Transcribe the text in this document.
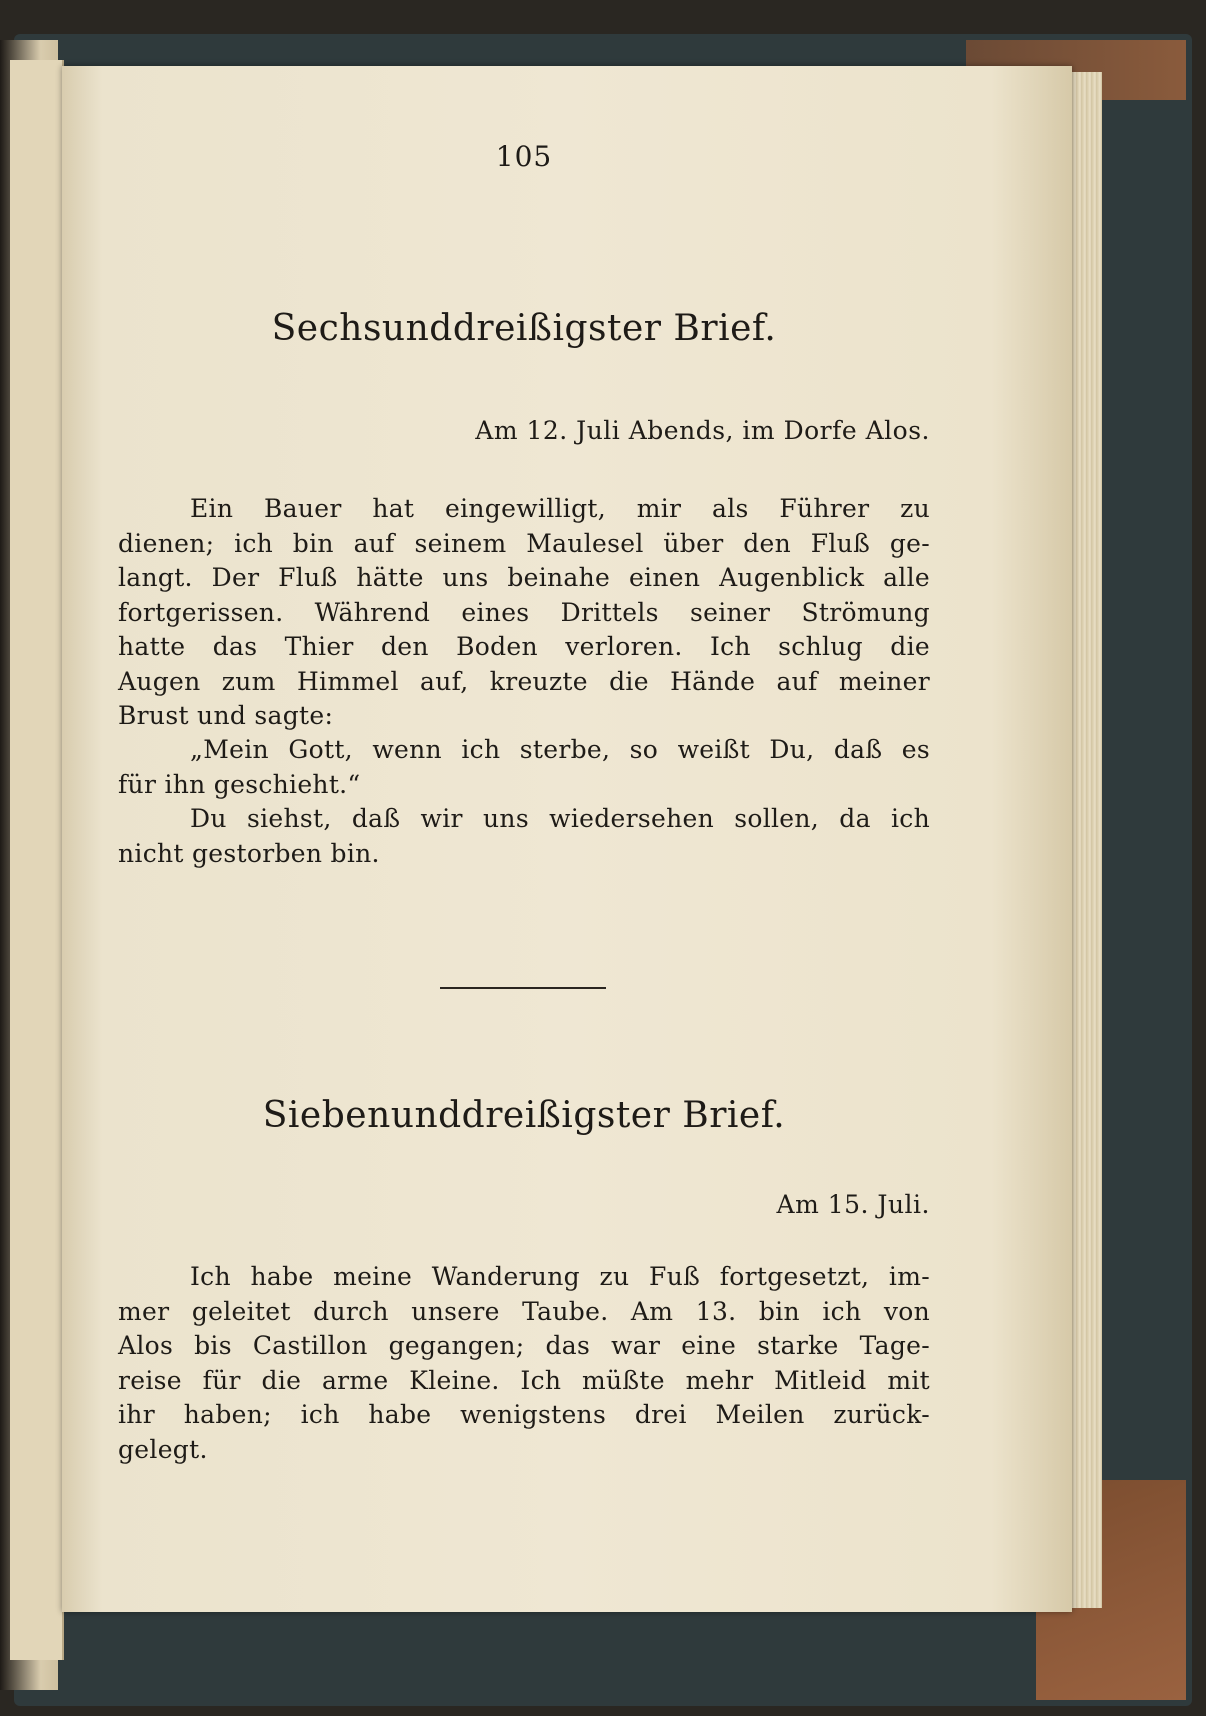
105
Sechsunddreißigster Brief.
Am 12. Juli Abends, im Dorfe Alos.
Ein Bauer hat eingewilligt, mir als Führer zu
dienen; ich bin auf seinem Maulesel über den Fluß ge-
langt. Der Fluß hätte uns beinahe einen Augenblick alle
fortgerissen. Während eines Drittels seiner Strömung
hatte das Thier den Boden verloren. Ich schlug die
Augen zum Himmel auf, kreuzte die Hände auf meiner
Brust und sagte:
„Mein Gott, wenn ich sterbe, so weißt Du, daß es
für ihn geschieht.“
Du siehst, daß wir uns wiedersehen sollen, da ich
nicht gestorben bin.
Siebenunddreißigster Brief.
Am 15. Juli.
Ich habe meine Wanderung zu Fuß fortgesetzt, im-
mer geleitet durch unsere Taube. Am 13. bin ich von
Alos bis Castillon gegangen; das war eine starke Tage-
reise für die arme Kleine. Ich müßte mehr Mitleid mit
ihr haben; ich habe wenigstens drei Meilen zurück-
gelegt.
